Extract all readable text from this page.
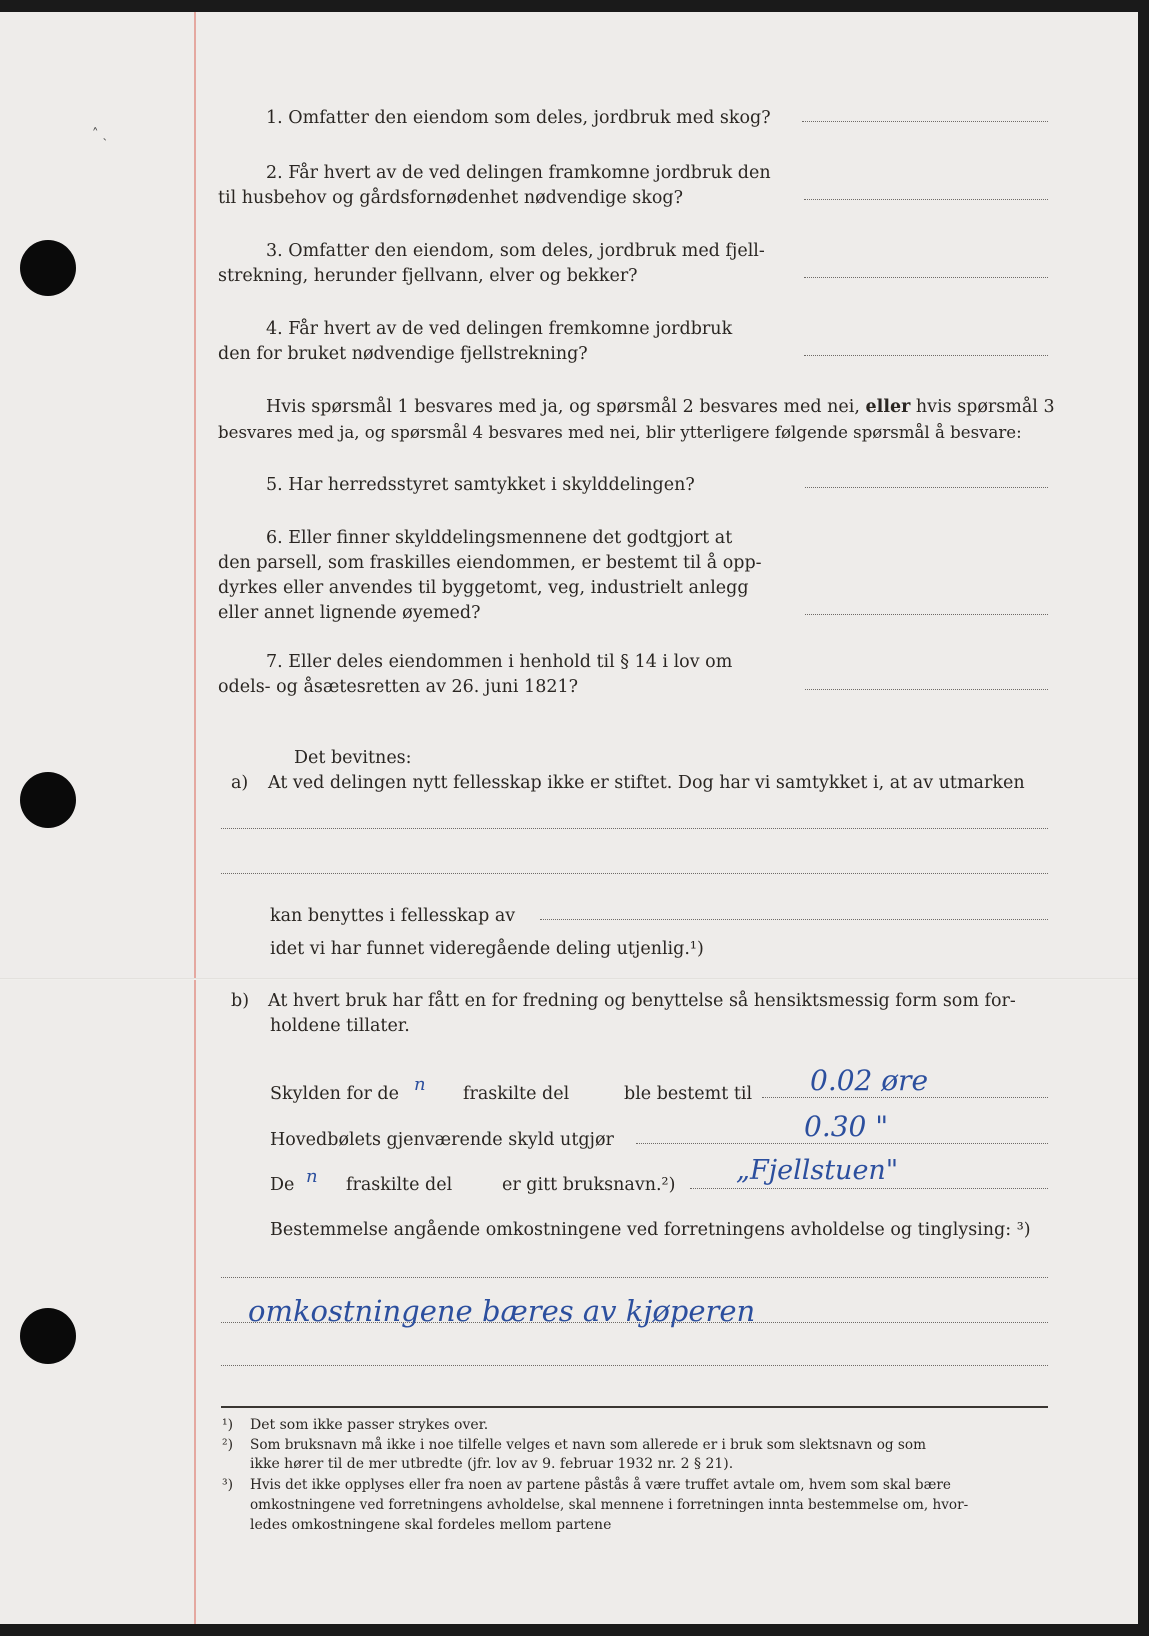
˄ ˏ
1. Omfatter den eiendom som deles, jordbruk med skog?
2. Får hvert av de ved delingen framkomne jordbruk den
til husbehov og gårdsfornødenhet nødvendige skog?
3. Omfatter den eiendom, som deles, jordbruk med fjell-
strekning, herunder fjellvann, elver og bekker?
4. Får hvert av de ved delingen fremkomne jordbruk
den for bruket nødvendige fjellstrekning?
Hvis spørsmål 1 besvares med ja, og spørsmål 2 besvares med nei, eller hvis spørsmål 3
besvares med ja, og spørsmål 4 besvares med nei, blir ytterligere følgende spørsmål å besvare:
5. Har herredsstyret samtykket i skylddelingen?
6. Eller finner skylddelingsmennene det godtgjort at
den parsell, som fraskilles eiendommen, er bestemt til å opp-
dyrkes eller anvendes til byggetomt, veg, industrielt anlegg
eller annet lignende øyemed?
7. Eller deles eiendommen i henhold til § 14 i lov om
odels- og åsætesretten av 26. juni 1821?
Det bevitnes:
a) At ved delingen nytt fellesskap ikke er stiftet. Dog har vi samtykket i, at av utmarken
kan benyttes i fellesskap av
idet vi har funnet videregående deling utjenlig.¹)
b) At hvert bruk har fått en for fredning og benyttelse så hensiktsmessig form som for-
holdene tillater.
Skylden for de n fraskilte del	ble bestemt til 0.02 øre
Hovedbølets gjenværende skyld utgjør	0.30 "
De n fraskilte del	er gitt bruksnavn.²) „Fjellstuen"
Bestemmelse angående omkostningene ved forretningens avholdelse og tinglysing: ³)
omkostningene bæres av kjøperen
¹) Det som ikke passer strykes over.
²) Som bruksnavn må ikke i noe tilfelle velges et navn som allerede er i bruk som slektsnavn og som
ikke hører til de mer utbredte (jfr. lov av 9. februar 1932 nr. 2 § 21).
³) Hvis det ikke opplyses eller fra noen av partene påstås å være truffet avtale om, hvem som skal bære
omkostningene ved forretningens avholdelse, skal mennene i forretningen innta bestemmelse om, hvor-
ledes omkostningene skal fordeles mellom partene
